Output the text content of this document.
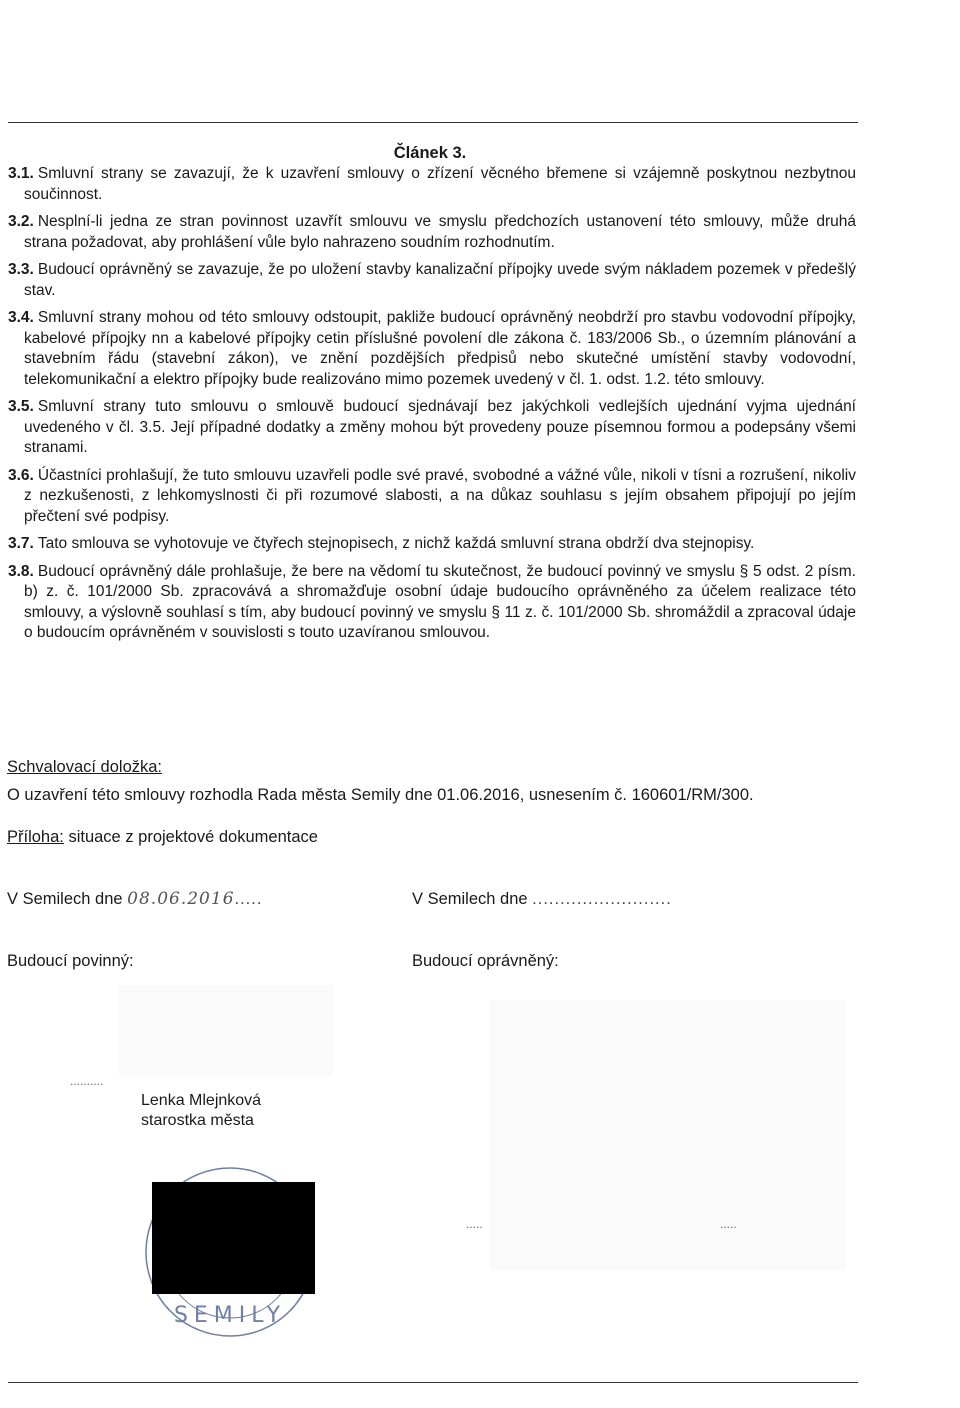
Článek 3.

3.1. Smluvní strany se zavazují, že k uzavření smlouvy o zřízení věcného břemene si vzájemně poskytnou nezbytnou součinnost.

3.2. Nesplní-li jedna ze stran povinnost uzavřít smlouvu ve smyslu předchozích ustanovení této smlouvy, může druhá strana požadovat, aby prohlášení vůle bylo nahrazeno soudním rozhodnutím.

3.3. Budoucí oprávněný se zavazuje, že po uložení stavby kanalizační přípojky uvede svým nákladem pozemek v předešlý stav.

3.4. Smluvní strany mohou od této smlouvy odstoupit, pakliže budoucí oprávněný neobdrží pro stavbu vodovodní přípojky, kabelové přípojky nn a kabelové přípojky cetin příslušné povolení dle zákona č. 183/2006 Sb., o územním plánování a stavebním řádu (stavební zákon), ve znění pozdějších předpisů nebo skutečné umístění stavby vodovodní, telekomunikační a elektro přípojky bude realizováno mimo pozemek uvedený v čl. 1. odst. 1.2. této smlouvy.

3.5. Smluvní strany tuto smlouvu o smlouvě budoucí sjednávají bez jakýchkoli vedlejších ujednání vyjma ujednání uvedeného v čl. 3.5. Její případné dodatky a změny mohou být provedeny pouze písemnou formou a podepsány všemi stranami.

3.6. Účastníci prohlašují, že tuto smlouvu uzavřeli podle své pravé, svobodné a vážné vůle, nikoli v tísni a rozrušení, nikoliv z nezkušenosti, z lehkomyslnosti či při rozumové slabosti, a na důkaz souhlasu s jejím obsahem připojují po jejím přečtení své podpisy.

3.7. Tato smlouva se vyhotovuje ve čtyřech stejnopisech, z nichž každá smluvní strana obdrží dva stejnopisy.

3.8. Budoucí oprávněný dále prohlašuje, že bere na vědomí tu skutečnost, že budoucí povinný ve smyslu § 5 odst. 2 písm. b) z. č. 101/2000 Sb. zpracovává a shromažďuje osobní údaje budoucího oprávněného za účelem realizace této smlouvy, a výslovně souhlasí s tím, aby budoucí povinný ve smyslu § 11 z. č. 101/2000 Sb. shromáždil a zpracoval údaje o budoucím oprávněném v souvislosti s touto uzavíranou smlouvou.

Schvalovací doložka:
O uzavření této smlouvy rozhodla Rada města Semily dne 01.06.2016, usnesením č. 160601/RM/300.
Příloha: situace z projektové dokumentace
V Semilech dne 08.06.2016.....	V Semilech dne .........................
Budoucí povinný:	Budoucí oprávněný:
..........
SEMILY
Lenka Mlejnková
starostka města
.....	.....
